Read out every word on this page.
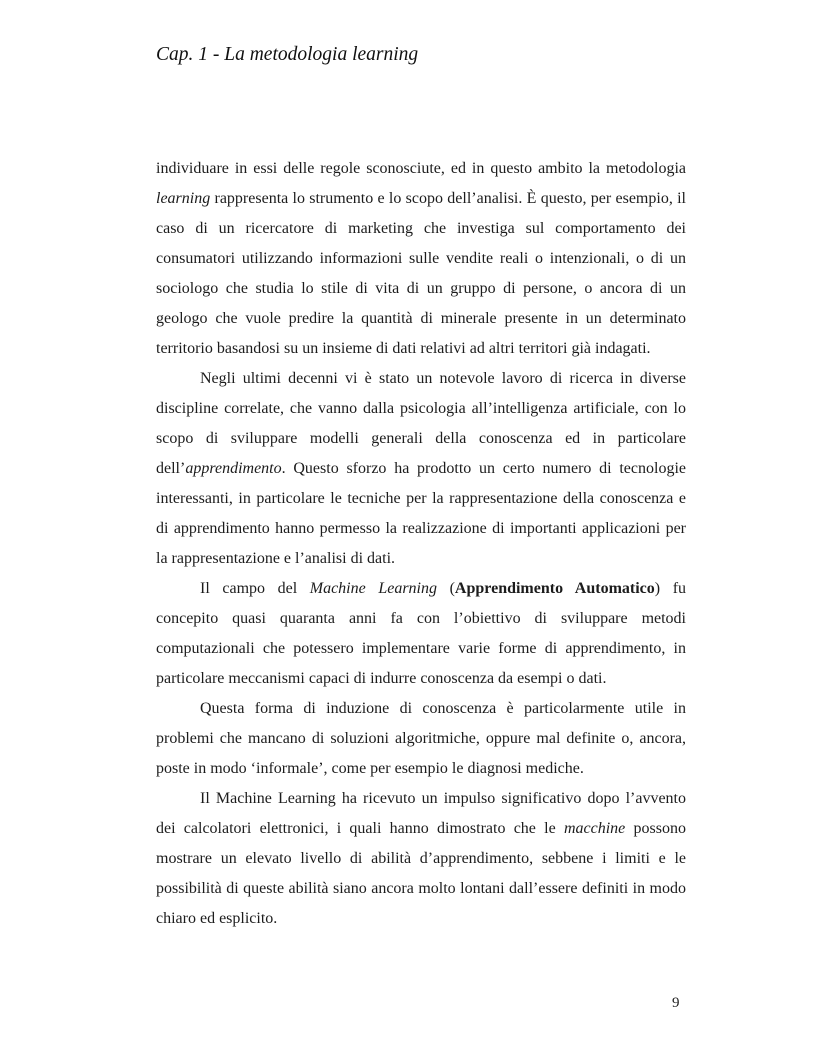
Cap. 1 - La metodologia learning

individuare in essi delle regole sconosciute, ed in questo ambito la metodologia learning rappresenta lo strumento e lo scopo dell’analisi. È questo, per esempio, il caso di un ricercatore di marketing che investiga sul comportamento dei consumatori utilizzando informazioni sulle vendite reali o intenzionali, o di un sociologo che studia lo stile di vita di un gruppo di persone, o ancora di un geologo che vuole predire la quantità di minerale presente in un determinato territorio basandosi su un insieme di dati relativi ad altri territori già indagati.

Negli ultimi decenni vi è stato un notevole lavoro di ricerca in diverse discipline correlate, che vanno dalla psicologia all’intelligenza artificiale, con lo scopo di sviluppare modelli generali della conoscenza ed in particolare dell’apprendimento. Questo sforzo ha prodotto un certo numero di tecnologie interessanti, in particolare le tecniche per la rappresentazione della conoscenza e di apprendimento hanno permesso la realizzazione di importanti applicazioni per la rappresentazione e l’analisi di dati.

Il campo del Machine Learning (Apprendimento Automatico) fu concepito quasi quaranta anni fa con l’obiettivo di sviluppare metodi computazionali che potessero implementare varie forme di apprendimento, in particolare meccanismi capaci di indurre conoscenza da esempi o dati.

Questa forma di induzione di conoscenza è particolarmente utile in problemi che mancano di soluzioni algoritmiche, oppure mal definite o, ancora, poste in modo ‘informale’, come per esempio le diagnosi mediche.

Il Machine Learning ha ricevuto un impulso significativo dopo l’avvento dei calcolatori elettronici, i quali hanno dimostrato che le macchine possono mostrare un elevato livello di abilità d’apprendimento, sebbene i limiti e le possibilità di queste abilità siano ancora molto lontani dall’essere definiti in modo chiaro ed esplicito.

9
